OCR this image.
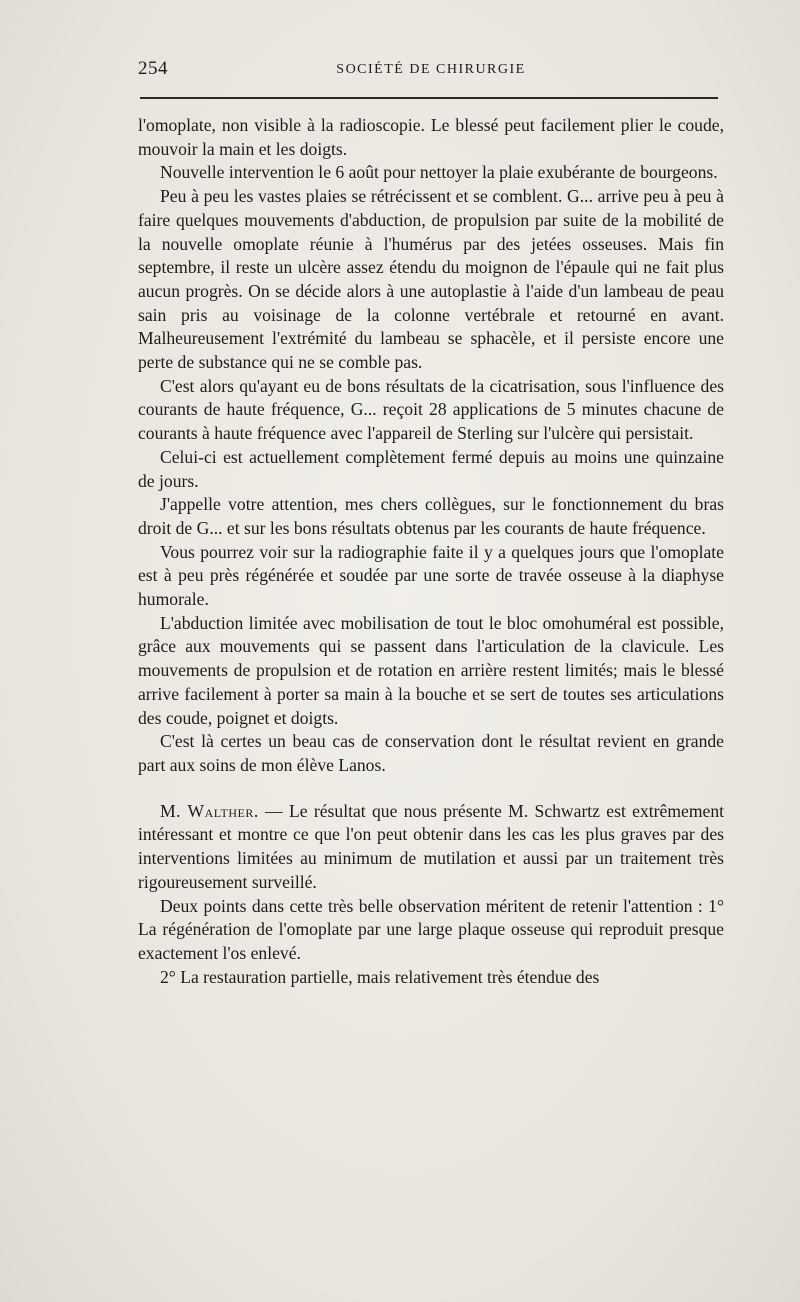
254	SOCIÉTÉ DE CHIRURGIE

l'omoplate, non visible à la radioscopie. Le blessé peut facilement plier le coude, mouvoir la main et les doigts.

Nouvelle intervention le 6 août pour nettoyer la plaie exubérante de bourgeons.

Peu à peu les vastes plaies se rétrécissent et se comblent. G... arrive peu à peu à faire quelques mouvements d'abduction, de propulsion par suite de la mobilité de la nouvelle omoplate réunie à l'humérus par des jetées osseuses. Mais fin septembre, il reste un ulcère assez étendu du moignon de l'épaule qui ne fait plus aucun progrès. On se décide alors à une autoplastie à l'aide d'un lambeau de peau sain pris au voisinage de la colonne vertébrale et retourné en avant. Malheureusement l'extrémité du lambeau se sphacèle, et il persiste encore une perte de substance qui ne se comble pas.

C'est alors qu'ayant eu de bons résultats de la cicatrisation, sous l'influence des courants de haute fréquence, G... reçoit 28 applications de 5 minutes chacune de courants à haute fréquence avec l'appareil de Sterling sur l'ulcère qui persistait.

Celui-ci est actuellement complètement fermé depuis au moins une quinzaine de jours.

J'appelle votre attention, mes chers collègues, sur le fonctionnement du bras droit de G... et sur les bons résultats obtenus par les courants de haute fréquence.

Vous pourrez voir sur la radiographie faite il y a quelques jours que l'omoplate est à peu près régénérée et soudée par une sorte de travée osseuse à la diaphyse humorale.

L'abduction limitée avec mobilisation de tout le bloc omohuméral est possible, grâce aux mouvements qui se passent dans l'articulation de la clavicule. Les mouvements de propulsion et de rotation en arrière restent limités; mais le blessé arrive facilement à porter sa main à la bouche et se sert de toutes ses articulations des coude, poignet et doigts.

C'est là certes un beau cas de conservation dont le résultat revient en grande part aux soins de mon élève Lanos.

M. Walther. — Le résultat que nous présente M. Schwartz est extrêmement intéressant et montre ce que l'on peut obtenir dans les cas les plus graves par des interventions limitées au minimum de mutilation et aussi par un traitement très rigoureusement surveillé.

Deux points dans cette très belle observation méritent de retenir l'attention : 1° La régénération de l'omoplate par une large plaque osseuse qui reproduit presque exactement l'os enlevé.

2° La restauration partielle, mais relativement très étendue des
